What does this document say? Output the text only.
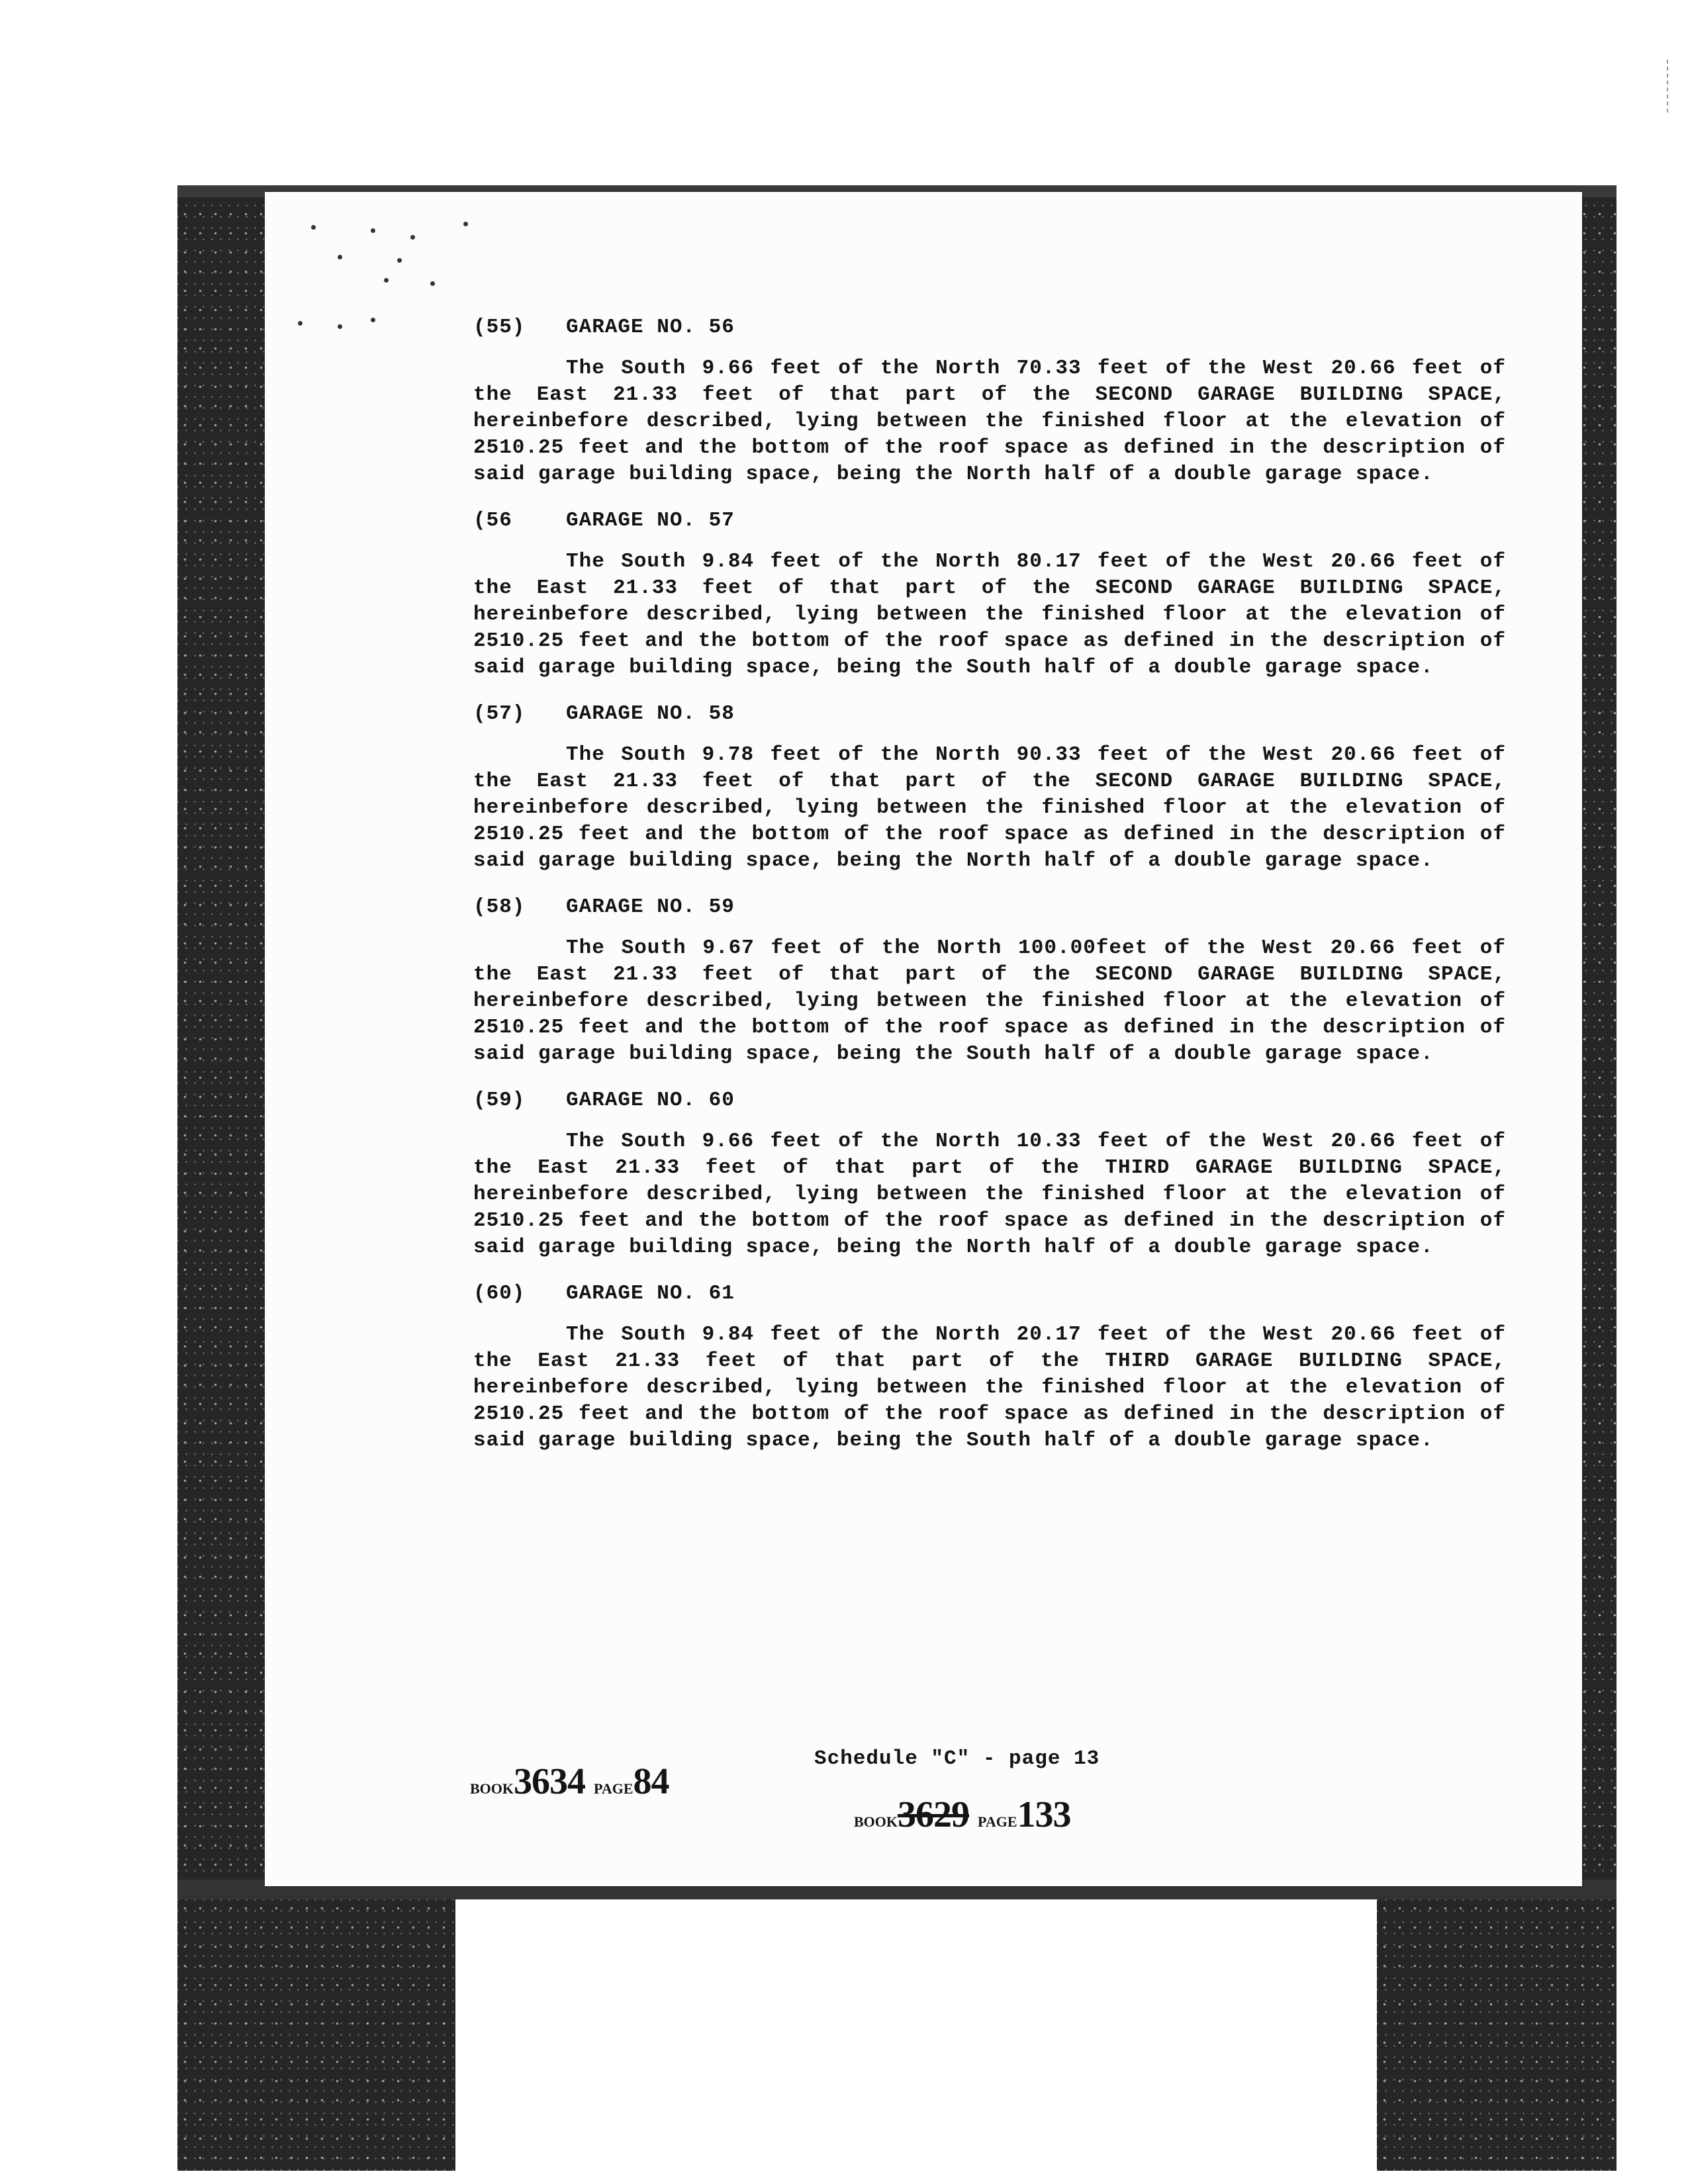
(55) GARAGE NO. 56
The South 9.66 feet of the North 70.33 feet of the West 20.66 feet of the East 21.33 feet of that part of the SECOND GARAGE BUILDING SPACE, hereinbefore described, lying between the finished floor at the elevation of 2510.25 feet and the bottom of the roof space as defined in the description of said garage building space, being the North half of a double garage space.
(56	GARAGE NO. 57
The South 9.84 feet of the North 80.17 feet of the West 20.66 feet of the East 21.33 feet of that part of the SECOND GARAGE BUILDING SPACE, hereinbefore described, lying between the finished floor at the elevation of 2510.25 feet and the bottom of the roof space as defined in the description of said garage building space, being the South half of a double garage space.
(57) GARAGE NO. 58
The South 9.78 feet of the North 90.33 feet of the West 20.66 feet of the East 21.33 feet of that part of the SECOND GARAGE BUILDING SPACE, hereinbefore described, lying between the finished floor at the elevation of 2510.25 feet and the bottom of the roof space as defined in the description of said garage building space, being the North half of a double garage space.
(58) GARAGE NO. 59
The South 9.67 feet of the North 100.00feet of the West 20.66 feet of the East 21.33 feet of that part of the SECOND GARAGE BUILDING SPACE, hereinbefore described, lying between the finished floor at the elevation of 2510.25 feet and the bottom of the roof space as defined in the description of said garage building space, being the South half of a double garage space.
(59) GARAGE NO. 60
The South 9.66 feet of the North 10.33 feet of the West 20.66 feet of the East 21.33 feet of that part of the THIRD GARAGE BUILDING SPACE, hereinbefore described, lying between the finished floor at the elevation of 2510.25 feet and the bottom of the roof space as defined in the description of said garage building space, being the North half of a double garage space.
(60) GARAGE NO. 61
The South 9.84 feet of the North 20.17 feet of the West 20.66 feet of the East 21.33 feet of that part of the THIRD GARAGE BUILDING SPACE, hereinbefore described, lying between the finished floor at the elevation of 2510.25 feet and the bottom of the roof space as defined in the description of said garage building space, being the South half of a double garage space.
BOOK3634 PAGE84
Schedule "C" - page 13
BOOK3629 PAGE133
